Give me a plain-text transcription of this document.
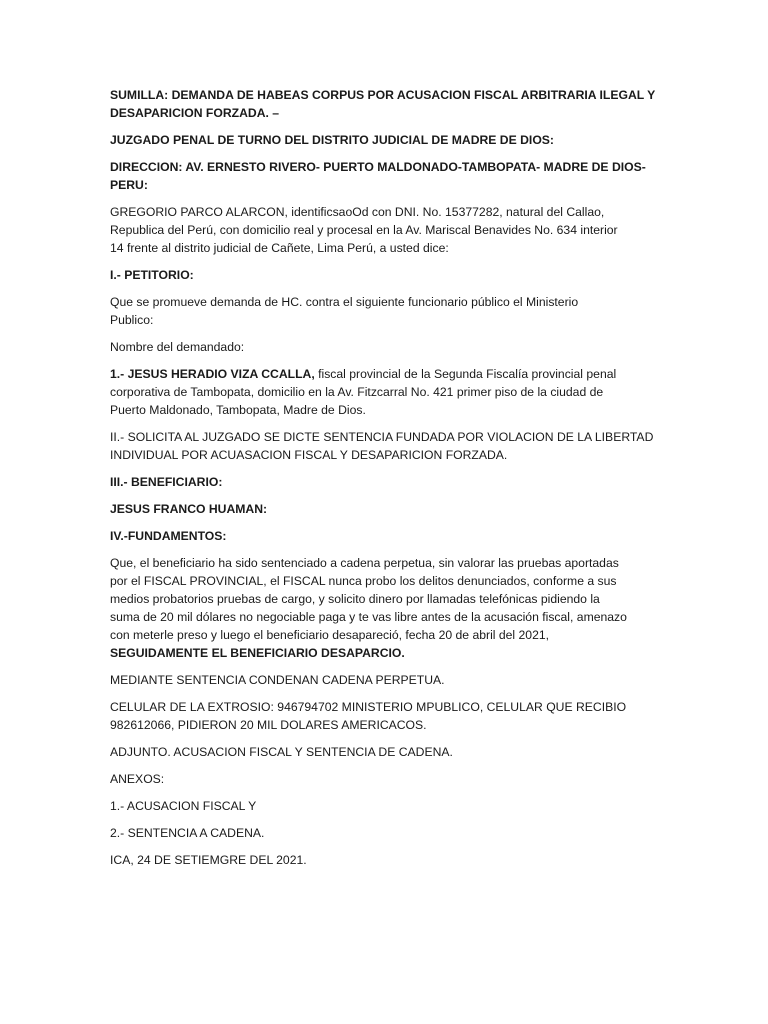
SUMILLA: DEMANDA DE HABEAS CORPUS POR ACUSACION FISCAL ARBITRARIA ILEGAL Y
DESAPARICION FORZADA. –

JUZGADO PENAL DE TURNO DEL DISTRITO JUDICIAL DE MADRE DE DIOS:

DIRECCION: AV. ERNESTO RIVERO- PUERTO MALDONADO-TAMBOPATA- MADRE DE DIOS-
PERU:
GREGORIO PARCO ALARCON, identificsaoOd con DNI. No. 15377282, natural del Callao,
Republica del Perú, con domicilio real y procesal en la Av. Mariscal Benavides No. 634 interior
14 frente al distrito judicial de Cañete, Lima Perú, a usted dice:

I.- PETITORIO:

Que se promueve demanda de HC. contra el siguiente funcionario público el Ministerio
Publico:

Nombre del demandado:

1.- JESUS HERADIO VIZA CCALLA, fiscal provincial de la Segunda Fiscalía provincial penal
corporativa de Tambopata, domicilio en la Av. Fitzcarral No. 421 primer piso de la ciudad de
Puerto Maldonado, Tambopata, Madre de Dios.
II.- SOLICITA AL JUZGADO SE DICTE SENTENCIA FUNDADA POR VIOLACION DE LA LIBERTAD
INDIVIDUAL POR ACUASACION FISCAL Y DESAPARICION FORZADA.

III.- BENEFICIARIO:

JESUS FRANCO HUAMAN:

IV.-FUNDAMENTOS:

Que, el beneficiario ha sido sentenciado a cadena perpetua, sin valorar las pruebas aportadas
por el FISCAL PROVINCIAL, el FISCAL nunca probo los delitos denunciados, conforme a sus
medios probatorios pruebas de cargo, y solicito dinero por llamadas telefónicas pidiendo la
suma de 20 mil dólares no negociable paga y te vas libre antes de la acusación fiscal, amenazo
con meterle preso y luego el beneficiario desapareció, fecha 20 de abril del 2021,
SEGUIDAMENTE EL BENEFICIARIO DESAPARCIO.

MEDIANTE SENTENCIA CONDENAN CADENA PERPETUA.

CELULAR DE LA EXTROSIO: 946794702 MINISTERIO MPUBLICO, CELULAR QUE RECIBIO
982612066, PIDIERON 20 MIL DOLARES AMERICACOS.

ADJUNTO. ACUSACION FISCAL Y SENTENCIA DE CADENA.

ANEXOS:

1.- ACUSACION FISCAL Y

2.- SENTENCIA A CADENA.

ICA, 24 DE SETIEMGRE DEL 2021.
